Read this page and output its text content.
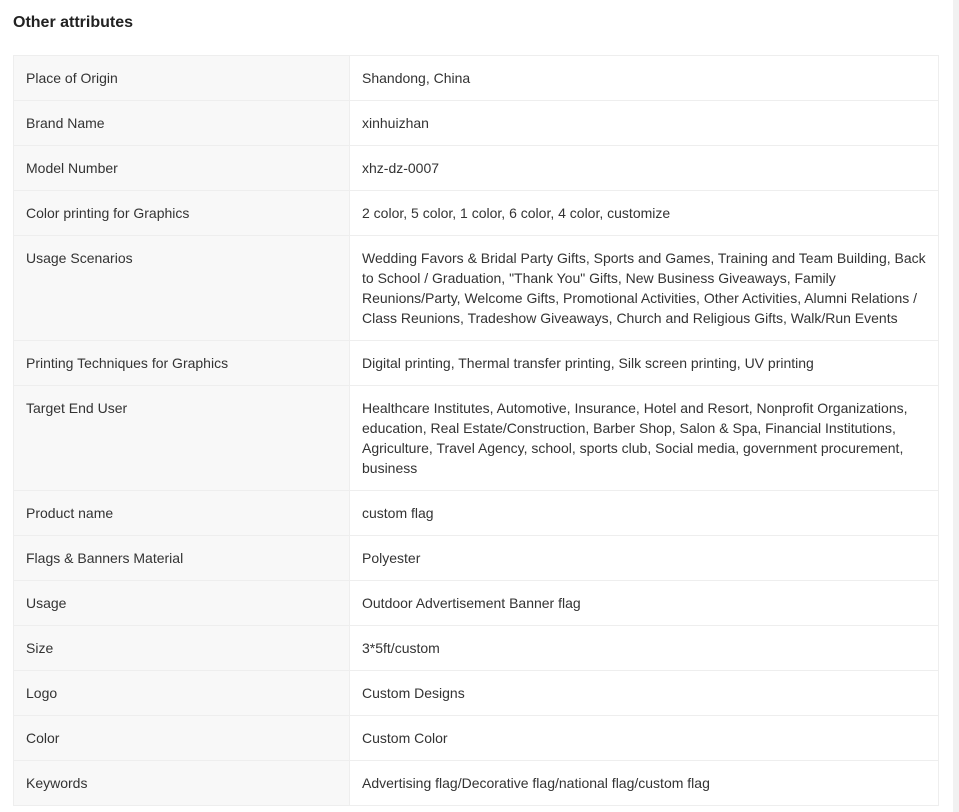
Other attributes
Place of Origin	Shandong, China
Brand Name	xinhuizhan
Model Number	xhz-dz-0007
Color printing for Graphics	2 color, 5 color, 1 color, 6 color, 4 color, customize
Usage Scenarios	Wedding Favors & Bridal Party Gifts, Sports and Games, Training and Team Building, Back to School / Graduation, "Thank You" Gifts, New Business Giveaways, Family Reunions/Party, Welcome Gifts, Promotional Activities, Other Activities, Alumni Relations / Class Reunions, Tradeshow Giveaways, Church and Religious Gifts, Walk/Run Events
Printing Techniques for Graphics	Digital printing, Thermal transfer printing, Silk screen printing, UV printing
Target End User	Healthcare Institutes, Automotive, Insurance, Hotel and Resort, Nonprofit Organizations, education, Real Estate/Construction, Barber Shop, Salon & Spa, Financial Institutions, Agriculture, Travel Agency, school, sports club, Social media, government procurement, business
Product name	custom flag
Flags & Banners Material	Polyester
Usage	Outdoor Advertisement Banner flag
Size	3*5ft/custom
Logo	Custom Designs
Color	Custom Color
Keywords	Advertising flag/Decorative flag/national flag/custom flag
